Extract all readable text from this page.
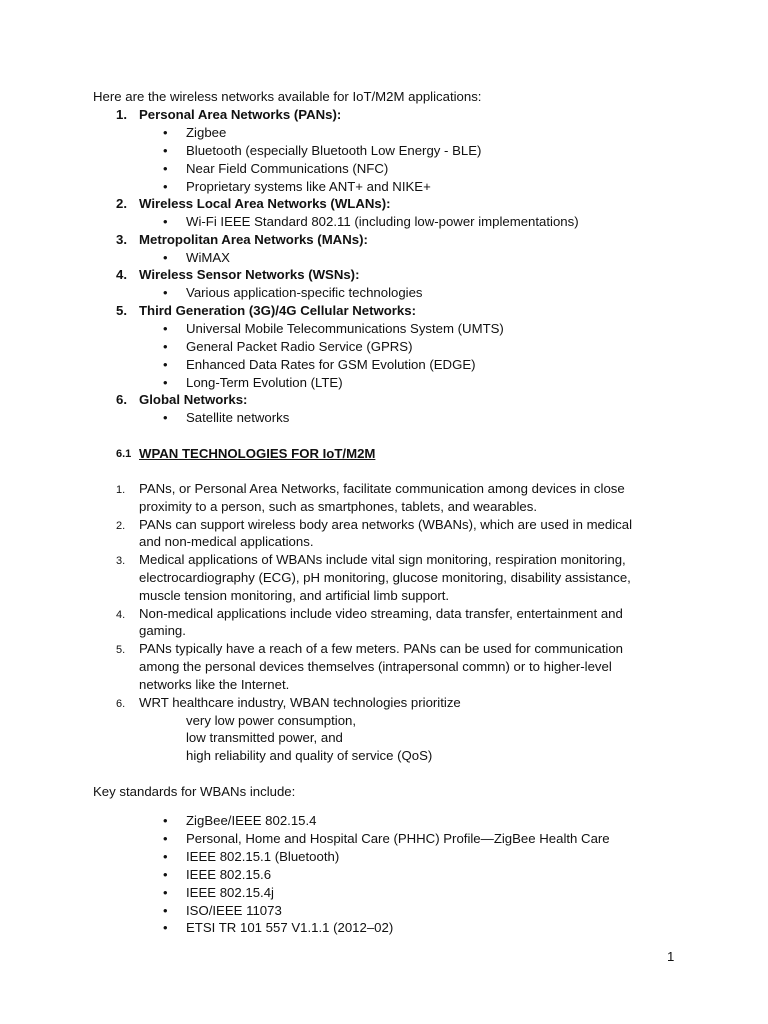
Here are the wireless networks available for IoT/M2M applications:
1. Personal Area Networks (PANs):
• Zigbee
• Bluetooth (especially Bluetooth Low Energy - BLE)
• Near Field Communications (NFC)
• Proprietary systems like ANT+ and NIKE+
2. Wireless Local Area Networks (WLANs):
• Wi-Fi IEEE Standard 802.11 (including low-power implementations)
3. Metropolitan Area Networks (MANs):
• WiMAX
4. Wireless Sensor Networks (WSNs):
• Various application-specific technologies
5. Third Generation (3G)/4G Cellular Networks:
• Universal Mobile Telecommunications System (UMTS)
• General Packet Radio Service (GPRS)
• Enhanced Data Rates for GSM Evolution (EDGE)
• Long-Term Evolution (LTE)
6. Global Networks:
• Satellite networks
6.1 WPAN TECHNOLOGIES FOR IoT/M2M
1. PANs, or Personal Area Networks, facilitate communication among devices in close
proximity to a person, such as smartphones, tablets, and wearables.
2. PANs can support wireless body area networks (WBANs), which are used in medical
and non-medical applications.
3. Medical applications of WBANs include vital sign monitoring, respiration monitoring,
electrocardiography (ECG), pH monitoring, glucose monitoring, disability assistance,
muscle tension monitoring, and artificial limb support.
4. Non-medical applications include video streaming, data transfer, entertainment and
gaming.
5. PANs typically have a reach of a few meters. PANs can be used for communication
among the personal devices themselves (intrapersonal commn) or to higher-level
networks like the Internet.
6. WRT healthcare industry, WBAN technologies prioritize
very low power consumption,
low transmitted power, and
high reliability and quality of service (QoS)
Key standards for WBANs include:
• ZigBee/IEEE 802.15.4
• Personal, Home and Hospital Care (PHHC) Profile—ZigBee Health Care
• IEEE 802.15.1 (Bluetooth)
• IEEE 802.15.6
• IEEE 802.15.4j
• ISO/IEEE 11073
• ETSI TR 101 557 V1.1.1 (2012–02)
1
